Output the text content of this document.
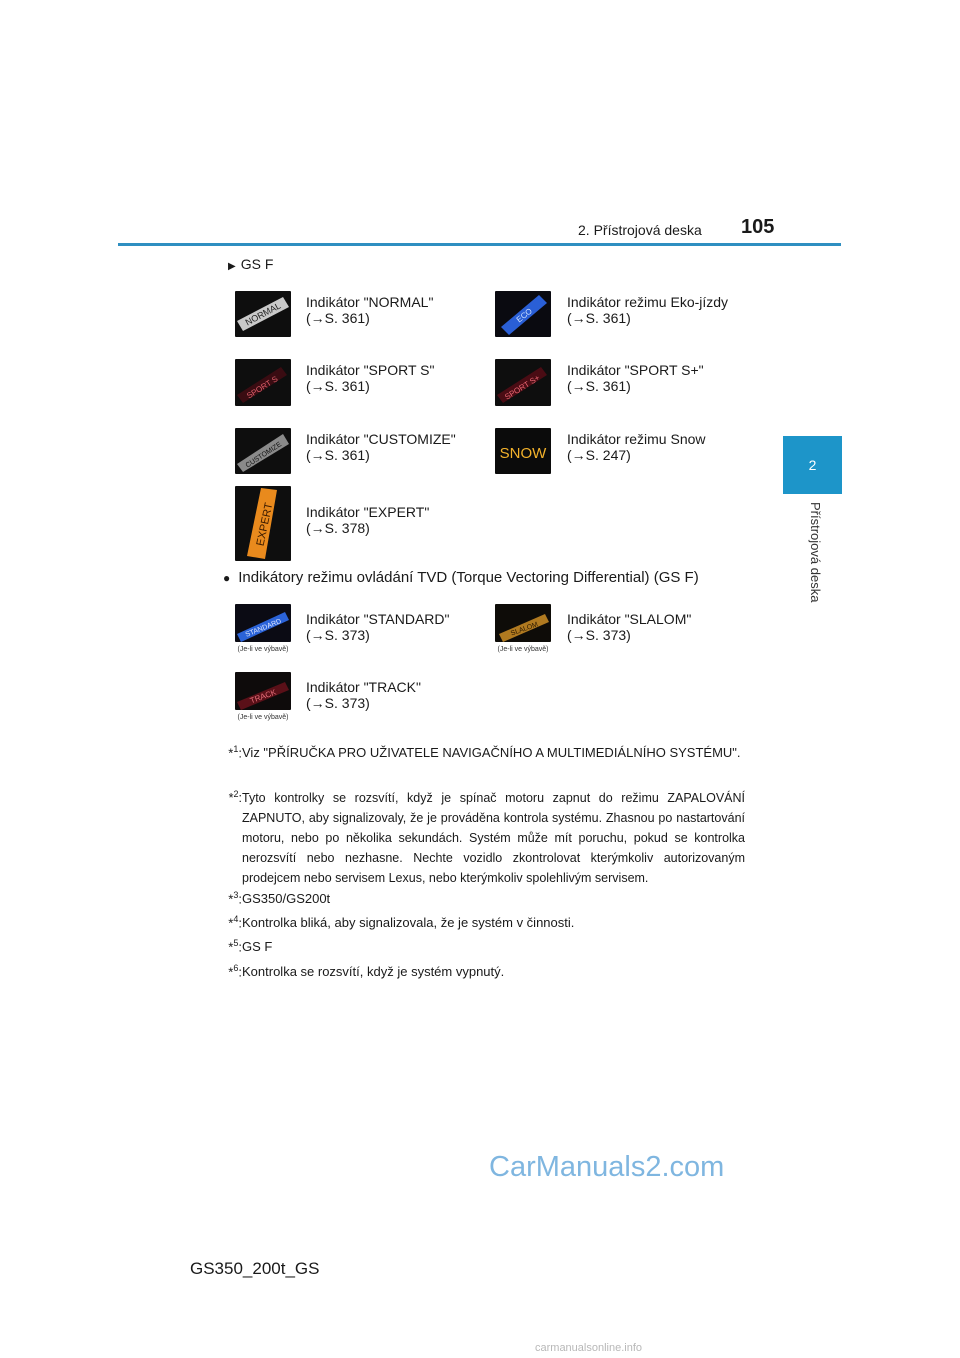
2. Přístrojová deska 105
2
Přístrojová deska
▶ GS F
NORMAL Indikátor "NORMAL"
(→S. 361)	ECO
Indikátor režimu Eko-jízdy
(→S. 361)
SPORT S
Indikátor "SPORT S"
(→S. 361)	SPORT S+
Indikátor "SPORT S+"
(→S. 361)
CUSTOMIZE
Indikátor "CUSTOMIZE"
(→S. 361)	SNOW
Indikátor režimu Snow
(→S. 247)
EXPERT Indikátor "EXPERT"
(→S. 378)
● Indikátory režimu ovládání TVD (Torque Vectoring Differential) (GS F)
STANDARD
(Je-li ve výbavě)
Indikátor "STANDARD"
(→S. 373)	SLALOM
(Je-li ve výbavě)
Indikátor "SLALOM"
(→S. 373)
TRACK
(Je-li ve výbavě)
Indikátor "TRACK"
(→S. 373)
*$^1$: Viz "PŘÍRUČKA PRO UŽIVATELE NAVIGAČNÍHO A MULTIMEDIÁLNÍHO SYSTÉMU".
*$^2$: Tyto kontrolky se rozsvítí, když je spínač motoru zapnut do režimu ZAPALOVÁNÍ ZAPNUTO, aby signalizovaly, že je prováděna kontrola systému. Zhasnou po nastartování motoru, nebo po několika sekundách. Systém může mít poruchu, pokud se kontrolka nerozsvítí nebo nezhasne. Nechte vozidlo zkontrolovat kterýmkoliv autorizovaným prodejcem nebo servisem Lexus, nebo kterýmkoliv spolehlivým servisem.
*$^3$: GS350/GS200t
*$^4$: Kontrolka bliká, aby signalizovala, že je systém v činnosti.
*$^5$: GS F
*$^6$: Kontrolka se rozsvítí, když je systém vypnutý.
CarManuals2.com
GS350_200t_GS
carmanualsonline.info
